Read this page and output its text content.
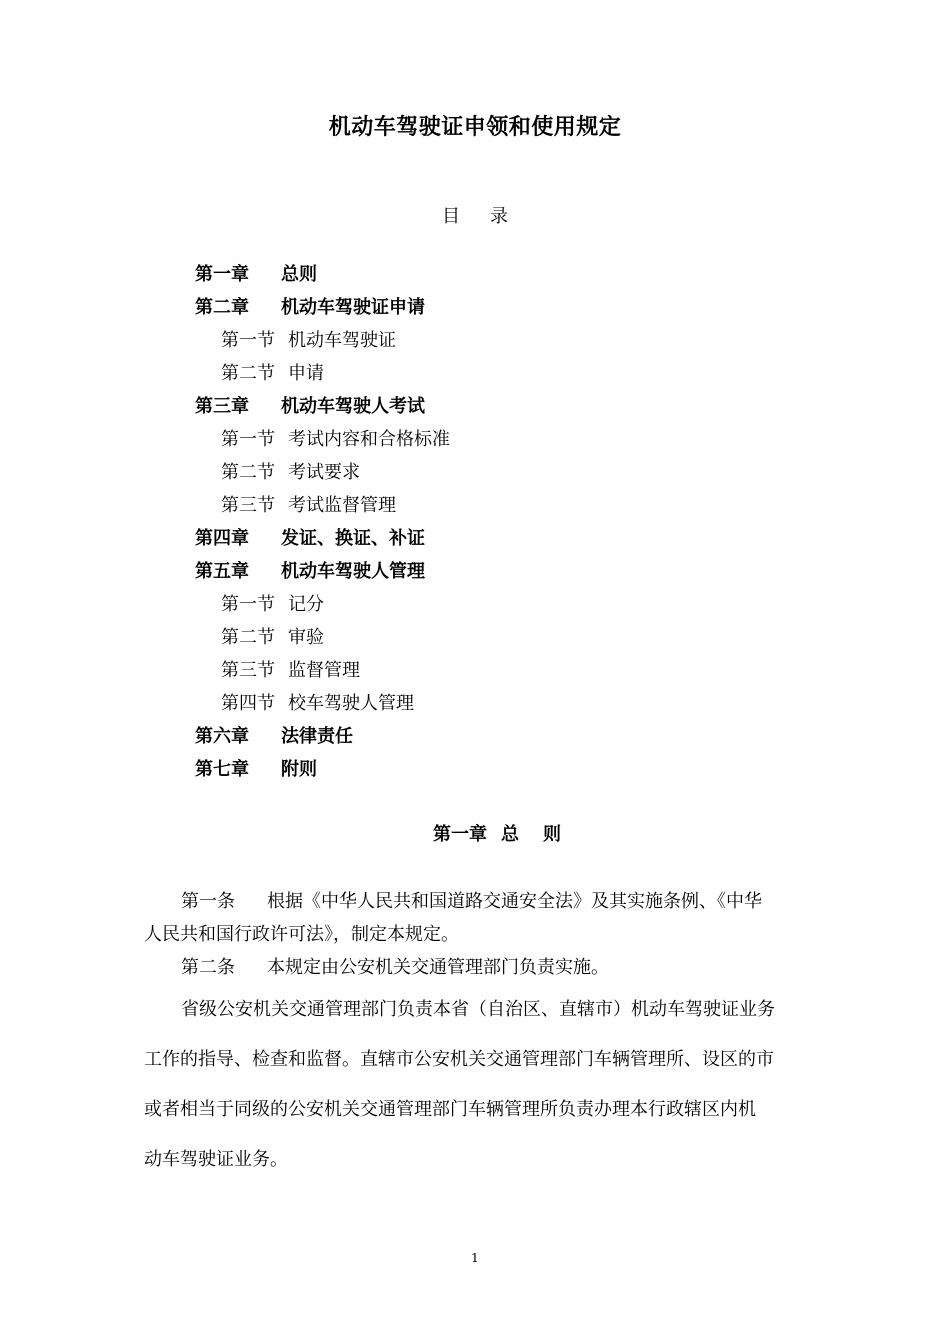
机动车驾驶证申领和使用规定
目 录
第一章 总则
第二章 机动车驾驶证申请
第一节 机动车驾驶证
第二节 申请
第三章 机动车驾驶人考试
第一节 考试内容和合格标准
第二节 考试要求
第三节 考试监督管理
第四章 发证、换证、补证
第五章 机动车驾驶人管理
第一节 记分
第二节 审验
第三节 监督管理
第四节 校车驾驶人管理
第六章 法律责任
第七章 附则
第一章 总 则
第一条 根据《中华人民共和国道路交通安全法》及其实施条例、《中华
人民共和国行政许可法》，制定本规定。
第二条 本规定由公安机关交通管理部门负责实施。
省级公安机关交通管理部门负责本省（自治区、直辖市）机动车驾驶证业务
工作的指导、检查和监督。直辖市公安机关交通管理部门车辆管理所、设区的市
或者相当于同级的公安机关交通管理部门车辆管理所负责办理本行政辖区内机
动车驾驶证业务。
1
